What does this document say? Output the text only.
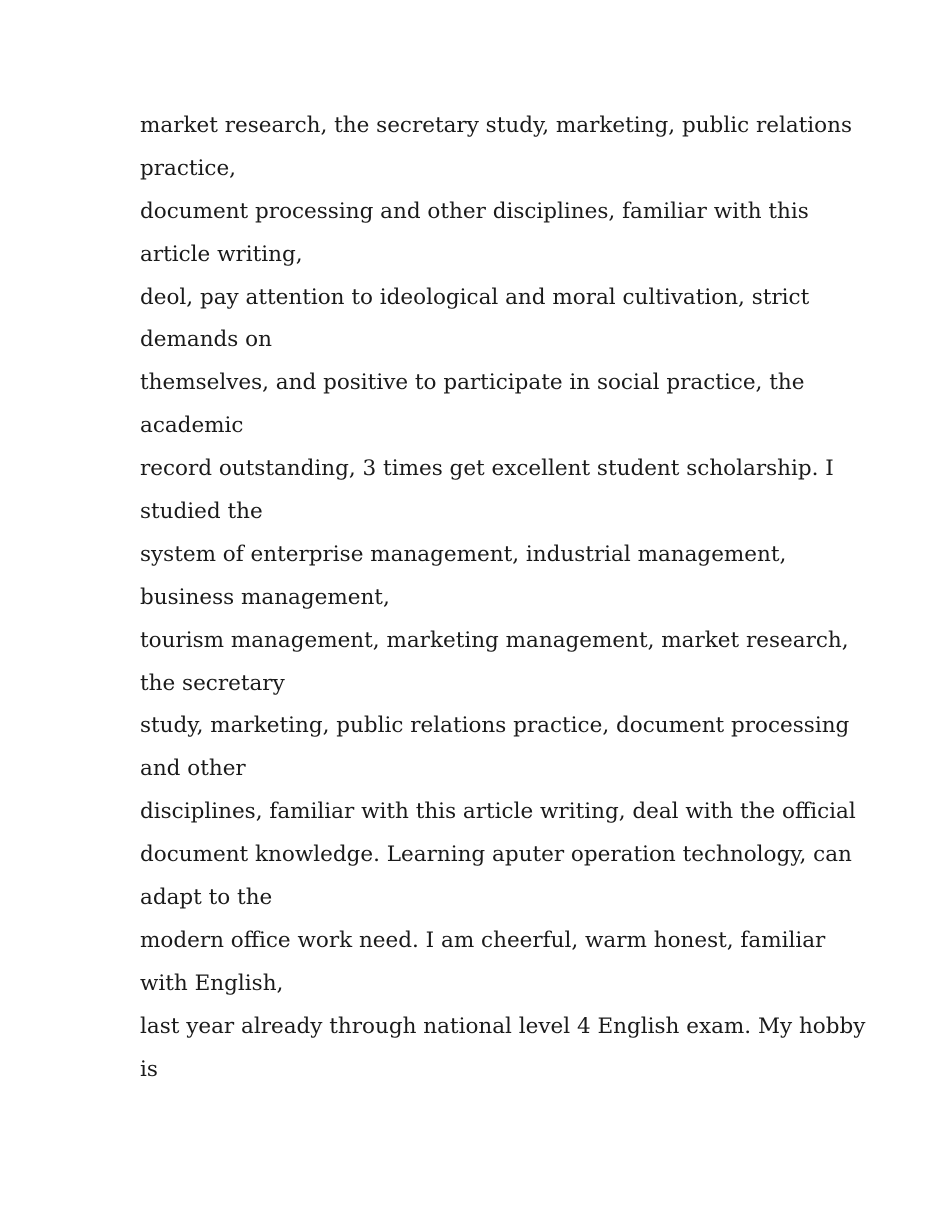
market research, the secretary study, marketing, public relations
practice,
document processing and other disciplines, familiar with this
article writing,
deol, pay attention to ideological and moral cultivation, strict
demands on
themselves, and positive to participate in social practice, the
academic
record outstanding, 3 times get excellent student scholarship. I
studied the
system of enterprise management, industrial management,
business management,
tourism management, marketing management, market research,
the secretary
study, marketing, public relations practice, document processing
and other
disciplines, familiar with this article writing, deal with the official
document knowledge. Learning aputer operation technology, can
adapt to the
modern office work need. I am cheerful, warm honest, familiar
with English,
last year already through national level 4 English exam. My hobby
is
